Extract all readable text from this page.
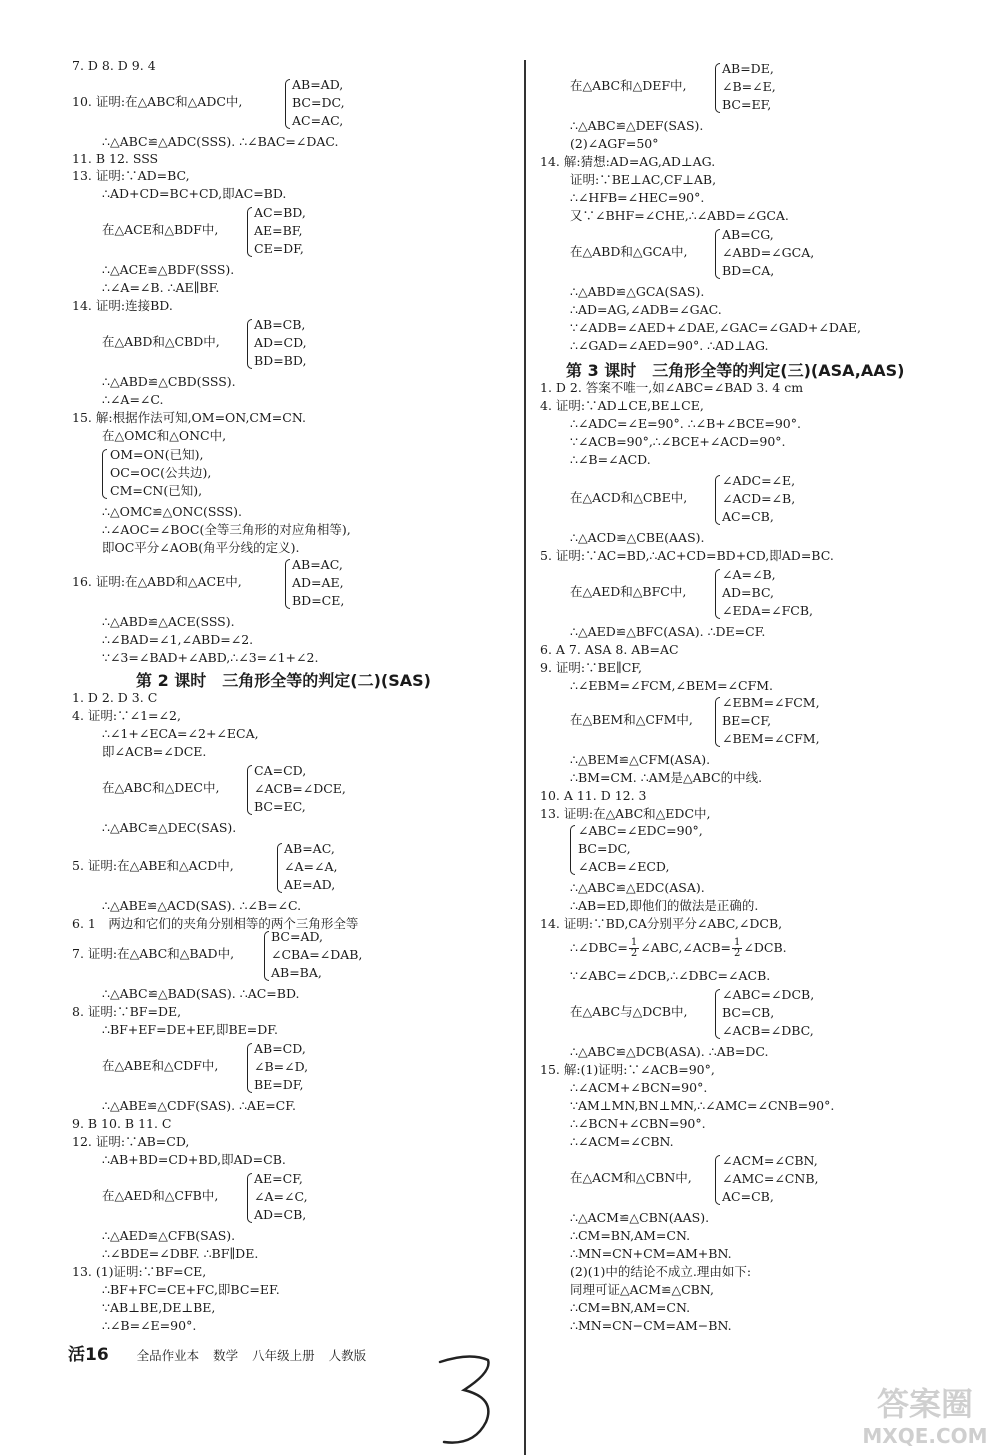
7. D 8. D 9. 4
10. 证明:在△ABC和△ADC中,
AB=AD,
BC=DC,
AC=AC,
∴△ABC≌△ADC(SSS). ∴∠BAC=∠DAC.
11. B 12. SSS
13. 证明:∵AD=BC,
∴AD+CD=BC+CD,即AC=BD.
在△ACE和△BDF中,
AC=BD,
AE=BF,
CE=DF,
∴△ACE≌△BDF(SSS).
∴∠A=∠B. ∴AE∥BF.
14. 证明:连接BD.
在△ABD和△CBD中,
AB=CB,
AD=CD,
BD=BD,
∴△ABD≌△CBD(SSS).
∴∠A=∠C.
15. 解:根据作法可知,OM=ON,CM=CN.
在△OMC和△ONC中,
OM=ON(已知),
OC=OC(公共边),
CM=CN(已知),
∴△OMC≌△ONC(SSS).
∴∠AOC=∠BOC(全等三角形的对应角相等),
即OC平分∠AOB(角平分线的定义).
16. 证明:在△ABD和△ACE中,
AB=AC,
AD=AE,
BD=CE,
∴△ABD≌△ACE(SSS).
∴∠BAD=∠1,∠ABD=∠2.
∵∠3=∠BAD+∠ABD,∴∠3=∠1+∠2.
第 2 课时　三角形全等的判定(二)(SAS)
1. D 2. D 3. C
4. 证明:∵∠1=∠2,
∴∠1+∠ECA=∠2+∠ECA,
即∠ACB=∠DCE.
在△ABC和△DEC中,
CA=CD,
∠ACB=∠DCE,
BC=EC,
∴△ABC≌△DEC(SAS).
5. 证明:在△ABE和△ACD中,
AB=AC,
∠A=∠A,
AE=AD,
∴△ABE≌△ACD(SAS). ∴∠B=∠C.
6. 1　两边和它们的夹角分别相等的两个三角形全等
7. 证明:在△ABC和△BAD中,
BC=AD,
∠CBA=∠DAB,
AB=BA,
∴△ABC≌△BAD(SAS). ∴AC=BD.
8. 证明:∵BF=DE,
∴BF+EF=DE+EF,即BE=DF.
在△ABE和△CDF中,
AB=CD,
∠B=∠D,
BE=DF,
∴△ABE≌△CDF(SAS). ∴AE=CF.
9. B 10. B 11. C
12. 证明:∵AB=CD,
∴AB+BD=CD+BD,即AD=CB.
在△AED和△CFB中,
AE=CF,
∠A=∠C,
AD=CB,
∴△AED≌△CFB(SAS).
∴∠BDE=∠DBF. ∴BF∥DE.
13. (1)证明:∵BF=CE,
∴BF+FC=CE+FC,即BC=EF.
∵AB⊥BE,DE⊥BE,
∴∠B=∠E=90°.
在△ABC和△DEF中,
AB=DE,
∠B=∠E,
BC=EF,
∴△ABC≌△DEF(SAS).
(2)∠AGF=50°
14. 解:猜想:AD=AG,AD⊥AG.
证明:∵BE⊥AC,CF⊥AB,
∴∠HFB=∠HEC=90°.
又∵∠BHF=∠CHE,∴∠ABD=∠GCA.
在△ABD和△GCA中,
AB=CG,
∠ABD=∠GCA,
BD=CA,
∴△ABD≌△GCA(SAS).
∴AD=AG,∠ADB=∠GAC.
∵∠ADB=∠AED+∠DAE,∠GAC=∠GAD+∠DAE,
∴∠GAD=∠AED=90°. ∴AD⊥AG.
第 3 课时　三角形全等的判定(三)(ASA,AAS)
1. D 2. 答案不唯一,如∠ABC=∠BAD 3. 4 cm
4. 证明:∵AD⊥CE,BE⊥CE,
∴∠ADC=∠E=90°. ∴∠B+∠BCE=90°.
∵∠ACB=90°,∴∠BCE+∠ACD=90°.
∴∠B=∠ACD.
在△ACD和△CBE中,
∠ADC=∠E,
∠ACD=∠B,
AC=CB,
∴△ACD≌△CBE(AAS).
5. 证明:∵AC=BD,∴AC+CD=BD+CD,即AD=BC.
在△AED和△BFC中,
∠A=∠B,
AD=BC,
∠EDA=∠FCB,
∴△AED≌△BFC(ASA). ∴DE=CF.
6. A 7. ASA 8. AB=AC
9. 证明:∵BE∥CF,
∴∠EBM=∠FCM,∠BEM=∠CFM.
在△BEM和△CFM中,
∠EBM=∠FCM,
BE=CF,
∠BEM=∠CFM,
∴△BEM≌△CFM(ASA).
∴BM=CM. ∴AM是△ABC的中线.
10. A 11. D 12. 3
13. 证明:在△ABC和△EDC中,
∠ABC=∠EDC=90°,
BC=DC,
∠ACB=∠ECD,
∴△ABC≌△EDC(ASA).
∴AB=ED,即他们的做法是正确的.
14. 证明:∵BD,CA分别平分∠ABC,∠DCB,
∴∠DBC= $\frac{1}{2}$ ∠ABC,∠ACB= $\frac{1}{2}$ ∠DCB.
∵∠ABC=∠DCB,∴∠DBC=∠ACB.
在△ABC与△DCB中,
∠ABC=∠DCB,
BC=CB,
∠ACB=∠DBC,
∴△ABC≌△DCB(ASA). ∴AB=DC.
15. 解:(1)证明:∵∠ACB=90°,
∴∠ACM+∠BCN=90°.
∵AM⊥MN,BN⊥MN,∴∠AMC=∠CNB=90°.
∴∠BCN+∠CBN=90°.
∴∠ACM=∠CBN.
在△ACM和△CBN中,
∠ACM=∠CBN,
∠AMC=∠CNB,
AC=CB,
∴△ACM≌△CBN(AAS).
∴CM=BN,AM=CN.
∴MN=CN+CM=AM+BN.
(2)(1)中的结论不成立.理由如下:
同理可证△ACM≌△CBN,
∴CM=BN,AM=CN.
∴MN=CN−CM=AM−BN.
活16 全品作业本 数学 八年级上册 人教版
答案圈
MXQE.COM
